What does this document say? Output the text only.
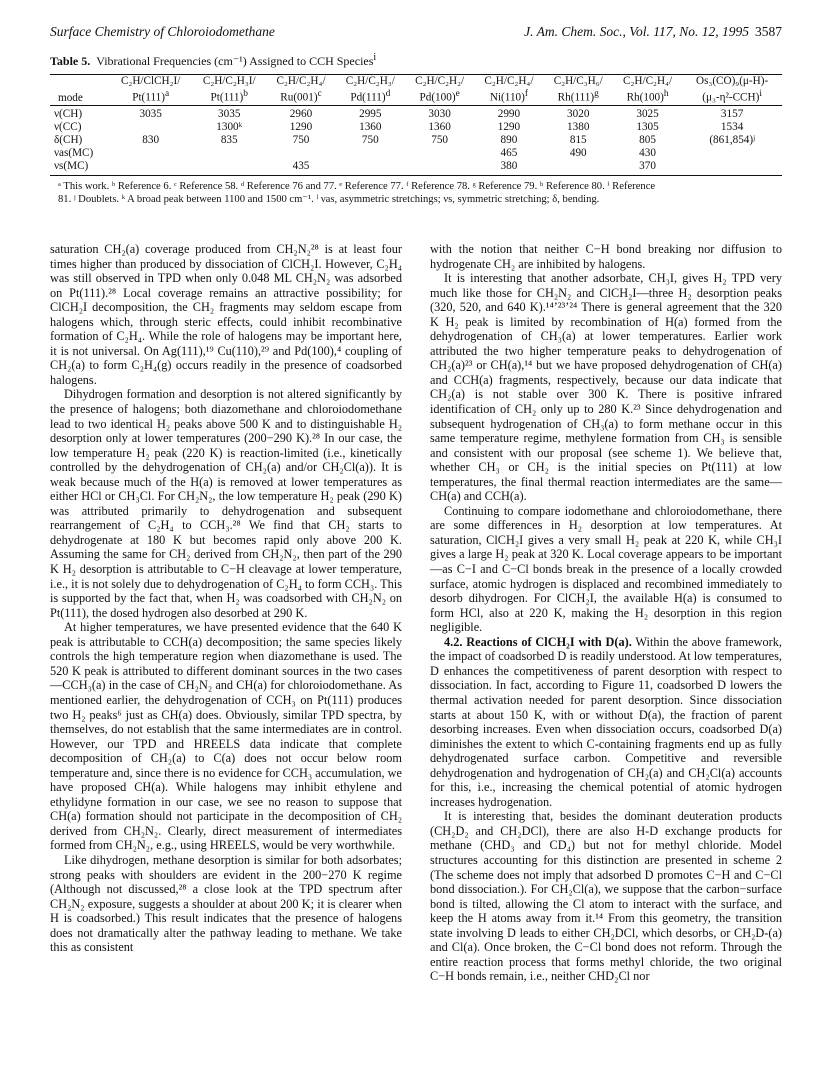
Surface Chemistry of Chloroiodomethane	J. Am. Chem. Soc., Vol. 117, No. 12, 1995 3587
Table 5. Vibrational Frequencies (cm⁻¹) Assigned to CCH Species$^i$
	C₂H/ClCH₂I/	C₂H/C₂H₃I/	C₂H/C₂H₄/	C₂H/C₂H₃/	C₂H/C₂H₂/	C₂H/C₂H₄/	C₂H/C₃H₆/	C₂H/C₂H₄/	Os₃(CO)₉(μ-H)-
mode	$Pt(111)^a$	$Pt(111)^b$	$Ru(001)^c$	$Pd(111)^d$	$Pd(100)^e$	$Ni(110)^f$	$Rh(111)^g$	$Rh(100)^h$	$(\mu_3-\eta^2-CCH)^i$
ν(CH)	3035	3035	2960	2995	3030	2990	3020	3025	3157
ν(CC)		1300ᵏ	1290	1360	1360	1290	1380	1305	1534
δ(CH)	830	835	750	750	750	890	815	805	(861,854)ʲ
νas(MC)						465	490	430	
νs(MC)			435			380		370	
ᵃ This work. ᵇ Reference 6. ᶜ Reference 58. ᵈ Reference 76 and 77. ᵉ Reference 77. ᶠ Reference 78. ᵍ Reference 79. ʰ Reference 80. ⁱ Reference
81. ʲ Doublets. ᵏ A broad peak between 1100 and 1500 cm⁻¹. ˡ νas, asymmetric stretchings; νs, symmetric stretching; δ, bending.

saturation CH₂(a) coverage produced from CH₂N₂²⁸ is at least four times higher than produced by dissociation of ClCH₂I. However, C₂H₄ was still observed in TPD when only 0.048 ML CH₂N₂ was adsorbed on Pt(111).²⁸ Local coverage remains an attractive possibility; for ClCH₂I decomposition, the CH₂ fragments may seldom escape from halogens which, through steric effects, could inhibit recombinative formation of C₂H₄. While the role of halogens may be important here, it is not universal. On Ag(111),¹⁹ Cu(110),²⁹ and Pd(100),⁴ coupling of CH₂(a) to form C₂H₄(g) occurs readily in the presence of coadsorbed halogens.

Dihydrogen formation and desorption is not altered significantly by the presence of halogens; both diazomethane and chloroiodomethane lead to two identical H₂ peaks above 500 K and to distinguishable H₂ desorption only at lower temperatures (200−290 K).²⁸ In our case, the low temperature H₂ peak (220 K) is reaction-limited (i.e., kinetically controlled by the dehydrogenation of CH₂(a) and/or CH₂Cl(a)). It is weak because much of the H(a) is removed at lower temperatures as either HCl or CH₃Cl. For CH₂N₂, the low temperature H₂ peak (290 K) was attributed primarily to dehydrogenation and subsequent rearrangement of C₂H₄ to CCH₃.²⁸ We find that CH₂ starts to dehydrogenate at 180 K but becomes rapid only above 200 K. Assuming the same for CH₂ derived from CH₂N₂, then part of the 290 K H₂ desorption is attributable to C−H cleavage at lower temperature, i.e., it is not solely due to dehydrogenation of C₂H₄ to form CCH₃. This is supported by the fact that, when H₂ was coadsorbed with CH₂N₂ on Pt(111), the dosed hydrogen also desorbed at 290 K.

At higher temperatures, we have presented evidence that the 640 K peak is attributable to CCH(a) decomposition; the same species likely controls the high temperature region when diazomethane is used. The 520 K peak is attributed to different dominant sources in the two cases—CCH₃(a) in the case of CH₂N₂ and CH(a) for chloroiodomethane. As mentioned earlier, the dehydrogenation of CCH₃ on Pt(111) produces two H₂ peaks⁶ just as CH(a) does. Obviously, similar TPD spectra, by themselves, do not establish that the same intermediates are in control. However, our TPD and HREELS data indicate that complete decomposition of CH₂(a) to C(a) does not occur below room temperature and, since there is no evidence for CCH₃ accumulation, we have proposed CH(a). While halogens may inhibit ethylene and ethylidyne formation in our case, we see no reason to suppose that CH(a) formation should not participate in the decomposition of CH₂ derived from CH₂N₂. Clearly, direct measurement of intermediates formed from CH₂N₂, e.g., using HREELS, would be very worthwhile.

Like dihydrogen, methane desorption is similar for both adsorbates; strong peaks with shoulders are evident in the 200−270 K regime (Although not discussed,²⁸ a close look at the TPD spectrum after CH₂N₂ exposure, suggests a shoulder at about 200 K; it is clearer when H is coadsorbed.) This result indicates that the presence of halogens does not dramatically alter the pathway leading to methane. We take this as consistent

with the notion that neither C−H bond breaking nor diffusion to hydrogenate CH₂ are inhibited by halogens.

It is interesting that another adsorbate, CH₃I, gives H₂ TPD very much like those for CH₂N₂ and ClCH₂I—three H₂ desorption peaks (320, 520, and 640 K).¹⁴ʼ²³ʼ²⁴ There is general agreement that the 320 K H₂ peak is limited by recombination of H(a) formed from the dehydrogenation of CH₃(a) at lower temperatures. Earlier work attributed the two higher temperature peaks to dehydrogenation of CH₂(a)²³ or CH(a),¹⁴ but we have proposed dehydrogenation of CH(a) and CCH(a) fragments, respectively, because our data indicate that CH₂(a) is not stable over 300 K. There is positive infrared identification of CH₂ only up to 280 K.²³ Since dehydrogenation and subsequent hydrogenation of CH₃(a) to form methane occur in this same temperature regime, methylene formation from CH₃ is sensible and consistent with our proposal (see scheme 1). We believe that, whether CH₃ or CH₂ is the initial species on Pt(111) at low temperatures, the final thermal reaction intermediates are the same—CH(a) and CCH(a).

Continuing to compare iodomethane and chloroiodomethane, there are some differences in H₂ desorption at low temperatures. At saturation, ClCH₂I gives a very small H₂ peak at 220 K, while CH₃I gives a large H₂ peak at 320 K. Local coverage appears to be important—as C−I and C−Cl bonds break in the presence of a locally crowded surface, atomic hydrogen is displaced and recombined immediately to desorb dihydrogen. For ClCH₂I, the available H(a) is consumed to form HCl, also at 220 K, making the H₂ desorption in this region negligible.

4.2. Reactions of ClCH₂I with D(a). Within the above framework, the impact of coadsorbed D is readily understood. At low temperatures, D enhances the competitiveness of parent desorption with respect to dissociation. In fact, according to Figure 11, coadsorbed D lowers the thermal activation needed for parent desorption. Since dissociation starts at about 150 K, with or without D(a), the fraction of parent desorbing increases. Even when dissociation occurs, coadsorbed D(a) diminishes the extent to which C-containing fragments end up as fully dehydrogenated surface carbon. Competitive and reversible dehydrogenation and hydrogenation of CH₂(a) and CH₂Cl(a) accounts for this, i.e., increasing the chemical potential of atomic hydrogen increases hydrogenation.

It is interesting that, besides the dominant deuteration products (CH₂D₂ and CH₂DCl), there are also H-D exchange products for methane (CHD₃ and CD₄) but not for methyl chloride. Model structures accounting for this distinction are presented in scheme 2 (The scheme does not imply that adsorbed D promotes C−H and C−Cl bond dissociation.). For CH₂Cl(a), we suppose that the carbon−surface bond is tilted, allowing the Cl atom to interact with the surface, and keep the H atoms away from it.¹⁴ From this geometry, the transition state involving D leads to either CH₂DCl, which desorbs, or CH₂D-(a) and Cl(a). Once broken, the C−Cl bond does not reform. Through the entire reaction process that forms methyl chloride, the two original C−H bonds remain, i.e., neither CHD₂Cl nor
